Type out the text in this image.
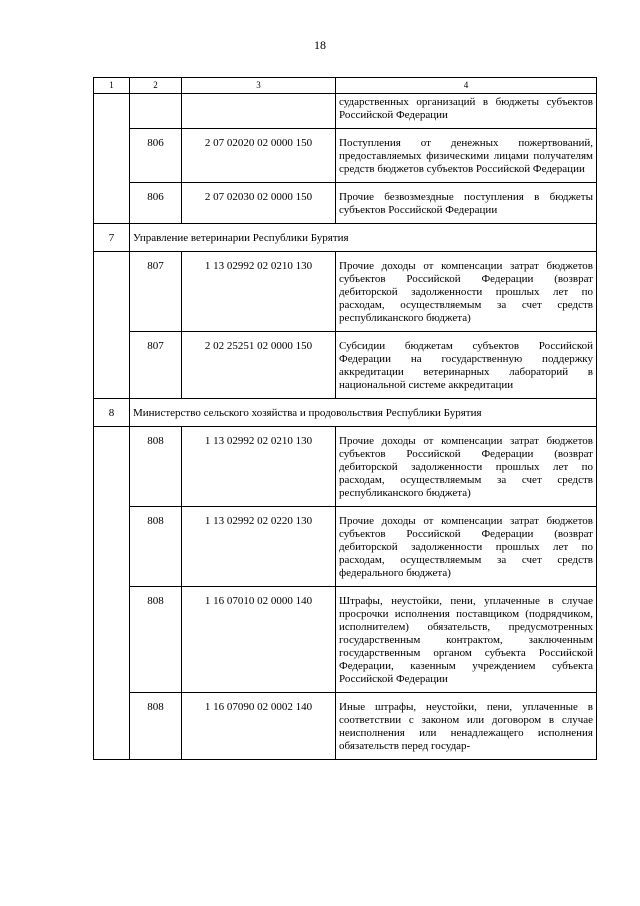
18
1	2	3	4
			сударственных организаций в бюджеты субъектов Российской Федерации
	806	2 07 02020 02 0000 150	Поступления от денежных пожертвований, предоставляемых физическими лицами получателям средств бюджетов субъектов Российской Федерации
	806	2 07 02030 02 0000 150	Прочие безвозмездные поступления в бюджеты субъектов Российской Федерации
7	Управление ветеринарии Республики Бурятия		
	807	1 13 02992 02 0210 130	Прочие доходы от компенсации затрат бюджетов субъектов Российской Федерации (возврат дебиторской задолженности прошлых лет по расходам, осуществляемым за счет средств республиканского бюджета)
	807	2 02 25251 02 0000 150	Субсидии бюджетам субъектов Российской Федерации на государственную поддержку аккредитации ветеринарных лабораторий в национальной системе аккредитации
8	Министерство сельского хозяйства и продовольствия Республики Бурятия		
	808	1 13 02992 02 0210 130	Прочие доходы от компенсации затрат бюджетов субъектов Российской Федерации (возврат дебиторской задолженности прошлых лет по расходам, осуществляемым за счет средств республиканского бюджета)
	808	1 13 02992 02 0220 130	Прочие доходы от компенсации затрат бюджетов субъектов Российской Федерации (возврат дебиторской задолженности прошлых лет по расходам, осуществляемым за счет средств федерального бюджета)
	808	1 16 07010 02 0000 140	Штрафы, неустойки, пени, уплаченные в случае просрочки исполнения поставщиком (подрядчиком, исполнителем) обязательств, предусмотренных государственным контрактом, заключенным государственным органом субъекта Российской Федерации, казенным учреждением субъекта Российской Федерации
	808	1 16 07090 02 0002 140	Иные штрафы, неустойки, пени, уплаченные в соответствии с законом или договором в случае неисполнения или ненадлежащего исполнения обязательств перед государ-
